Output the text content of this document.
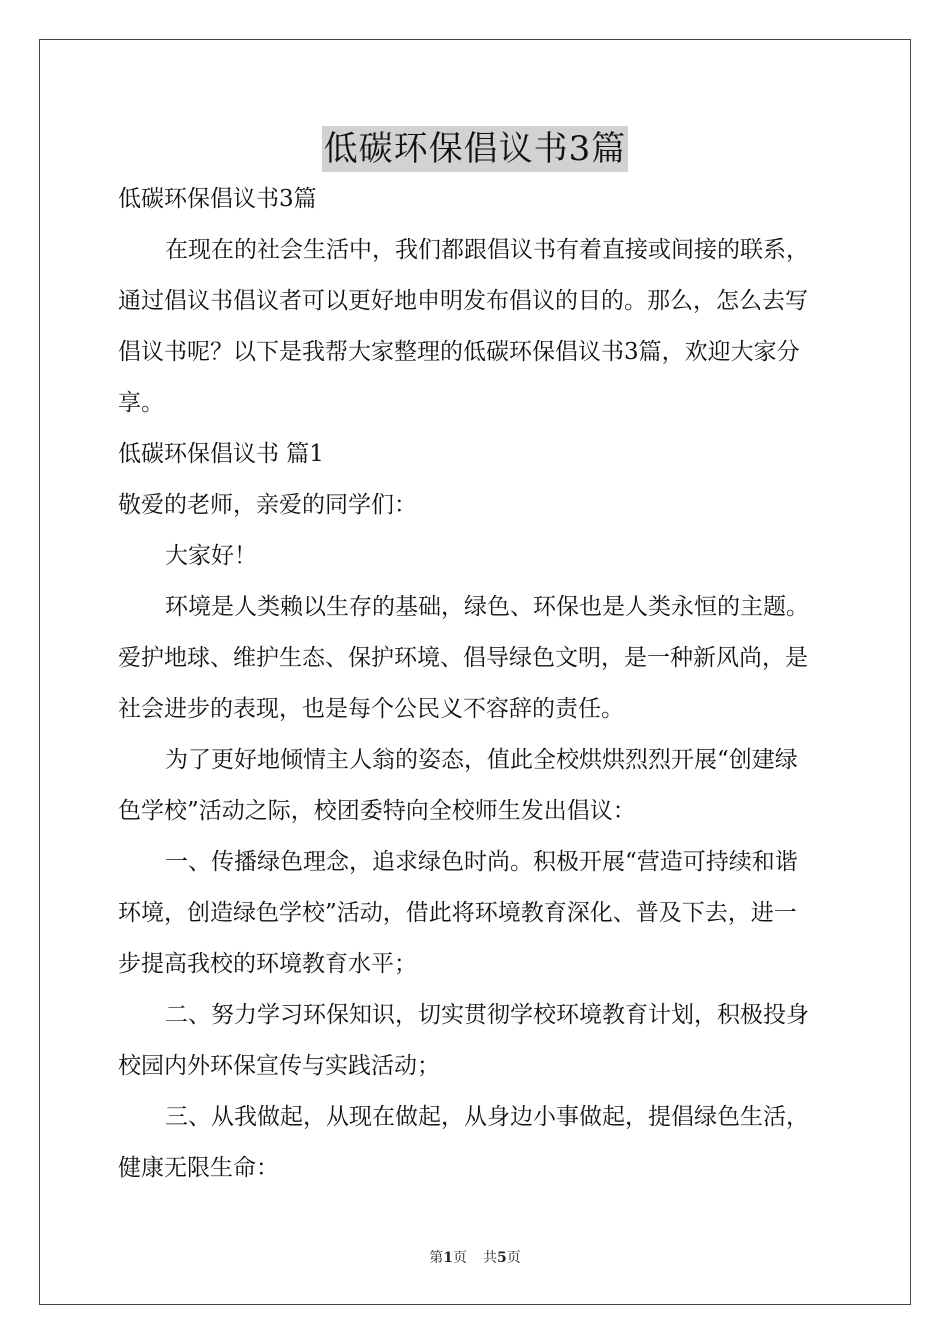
低碳环保倡议书3篇
低碳环保倡议书3篇
在现在的社会生活中，我们都跟倡议书有着直接或间接的联系，
通过倡议书倡议者可以更好地申明发布倡议的目的。那么，怎么去写
倡议书呢？以下是我帮大家整理的低碳环保倡议书3篇，欢迎大家分
享。
低碳环保倡议书 篇1
敬爱的老师，亲爱的同学们：
大家好！
环境是人类赖以生存的基础，绿色、环保也是人类永恒的主题。
爱护地球、维护生态、保护环境、倡导绿色文明，是一种新风尚，是
社会进步的表现，也是每个公民义不容辞的责任。
为了更好地倾情主人翁的姿态，值此全校烘烘烈烈开展“创建绿
色学校”活动之际，校团委特向全校师生发出倡议：
一、传播绿色理念，追求绿色时尚。积极开展“营造可持续和谐
环境，创造绿色学校”活动，借此将环境教育深化、普及下去，进一
步提高我校的环境教育水平；
二、努力学习环保知识，切实贯彻学校环境教育计划，积极投身
校园内外环保宣传与实践活动；
三、从我做起，从现在做起，从身边小事做起，提倡绿色生活，
健康无限生命：
第1页 共5页
